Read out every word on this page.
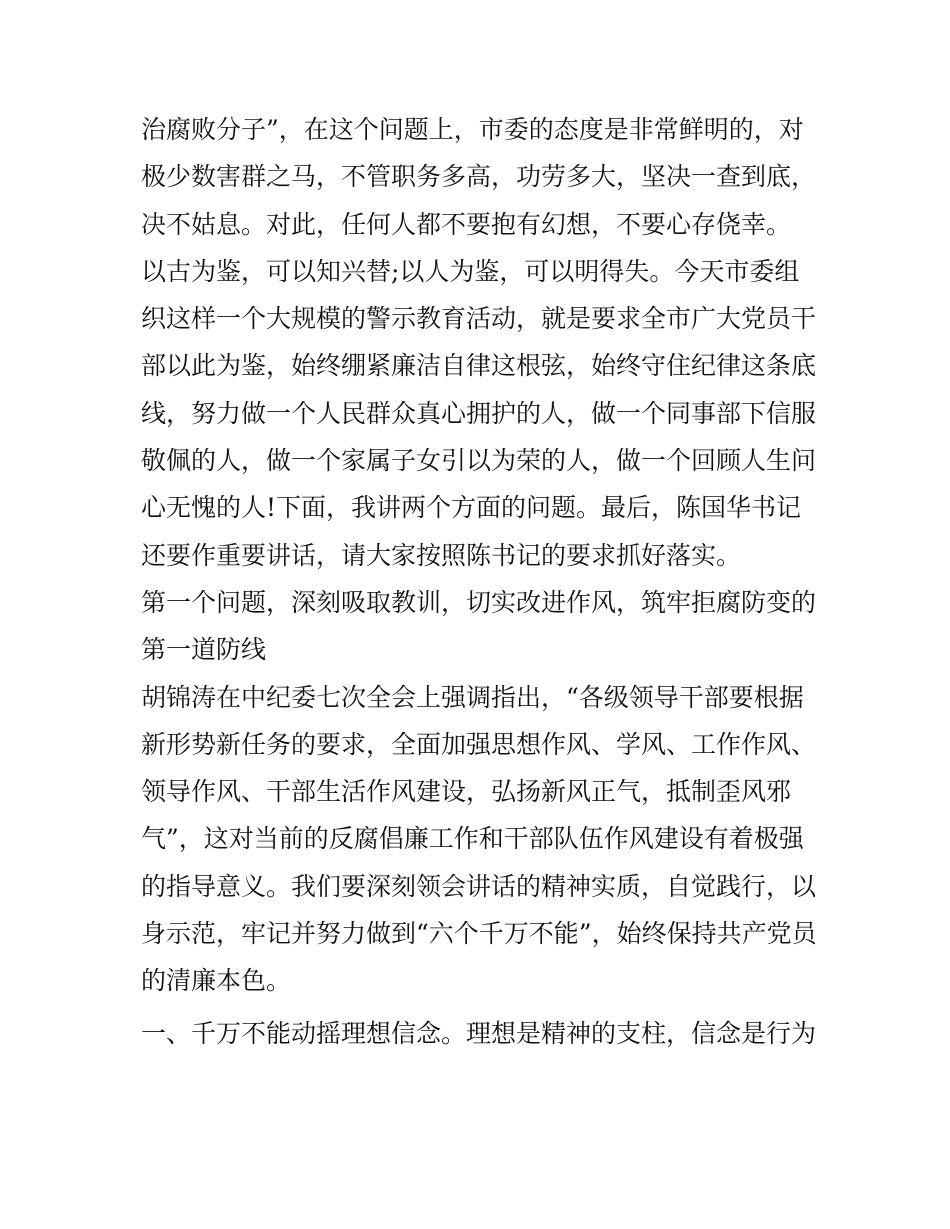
治腐败分子”，在这个问题上，市委的态度是非常鲜明的，对
极少数害群之马，不管职务多高，功劳多大，坚决一查到底，
决不姑息。对此，任何人都不要抱有幻想，不要心存侥幸。
以古为鉴，可以知兴替;以人为鉴，可以明得失。今天市委组
织这样一个大规模的警示教育活动，就是要求全市广大党员干
部以此为鉴，始终绷紧廉洁自律这根弦，始终守住纪律这条底
线，努力做一个人民群众真心拥护的人，做一个同事部下信服
敬佩的人，做一个家属子女引以为荣的人，做一个回顾人生问
心无愧的人!下面，我讲两个方面的问题。最后，陈国华书记
还要作重要讲话，请大家按照陈书记的要求抓好落实。
第一个问题，深刻吸取教训，切实改进作风，筑牢拒腐防变的
第一道防线
胡锦涛在中纪委七次全会上强调指出，“各级领导干部要根据
新形势新任务的要求，全面加强思想作风、学风、工作作风、
领导作风、干部生活作风建设，弘扬新风正气，抵制歪风邪
气”，这对当前的反腐倡廉工作和干部队伍作风建设有着极强
的指导意义。我们要深刻领会讲话的精神实质，自觉践行，以
身示范，牢记并努力做到“六个千万不能”，始终保持共产党员
的清廉本色。
一、千万不能动摇理想信念。理想是精神的支柱，信念是行为
